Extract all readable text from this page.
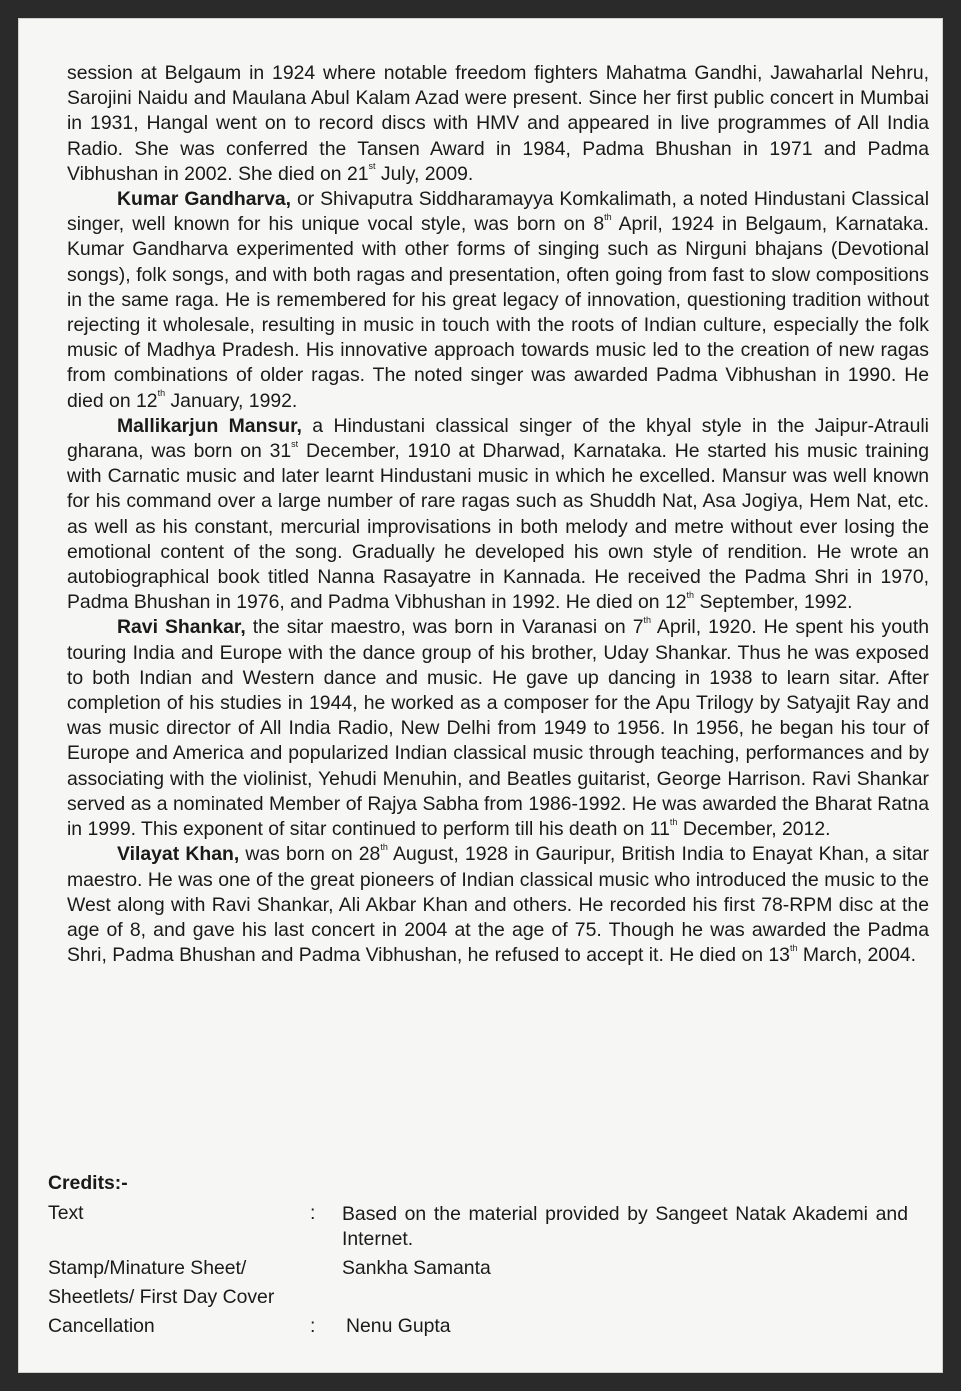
session at Belgaum in 1924 where notable freedom fighters Mahatma Gandhi, Jawaharlal Nehru, Sarojini Naidu and Maulana Abul Kalam Azad were present. Since her first public concert in Mumbai in 1931, Hangal went on to record discs with HMV and appeared in live programmes of All India Radio. She was conferred the Tansen Award in 1984, Padma Bhushan in 1971 and Padma Vibhushan in 2002. She died on 21st July, 2009.

Kumar Gandharva, or Shivaputra Siddharamayya Komkalimath, a noted Hindustani Classical singer, well known for his unique vocal style, was born on 8th April, 1924 in Belgaum, Karnataka. Kumar Gandharva experimented with other forms of singing such as Nirguni bhajans (Devotional songs), folk songs, and with both ragas and presentation, often going from fast to slow compositions in the same raga. He is remembered for his great legacy of innovation, questioning tradition without rejecting it wholesale, resulting in music in touch with the roots of Indian culture, especially the folk music of Madhya Pradesh. His innovative approach towards music led to the creation of new ragas from combinations of older ragas. The noted singer was awarded Padma Vibhushan in 1990. He died on 12th January, 1992.

Mallikarjun Mansur, a Hindustani classical singer of the khyal style in the Jaipur-Atrauli gharana, was born on 31st December, 1910 at Dharwad, Karnataka. He started his music training with Carnatic music and later learnt Hindustani music in which he excelled. Mansur was well known for his command over a large number of rare ragas such as Shuddh Nat, Asa Jogiya, Hem Nat, etc. as well as his constant, mercurial improvisations in both melody and metre without ever losing the emotional content of the song. Gradually he developed his own style of rendition. He wrote an autobiographical book titled Nanna Rasayatre in Kannada. He received the Padma Shri in 1970, Padma Bhushan in 1976, and Padma Vibhushan in 1992. He died on 12th September, 1992.

Ravi Shankar, the sitar maestro, was born in Varanasi on 7th April, 1920. He spent his youth touring India and Europe with the dance group of his brother, Uday Shankar. Thus he was exposed to both Indian and Western dance and music. He gave up dancing in 1938 to learn sitar. After completion of his studies in 1944, he worked as a composer for the Apu Trilogy by Satyajit Ray and was music director of All India Radio, New Delhi from 1949 to 1956. In 1956, he began his tour of Europe and America and popularized Indian classical music through teaching, performances and by associating with the violinist, Yehudi Menuhin, and Beatles guitarist, George Harrison. Ravi Shankar served as a nominated Member of Rajya Sabha from 1986-1992. He was awarded the Bharat Ratna in 1999. This exponent of sitar continued to perform till his death on 11th December, 2012.

Vilayat Khan, was born on 28th August, 1928 in Gauripur, British India to Enayat Khan, a sitar maestro. He was one of the great pioneers of Indian classical music who introduced the music to the West along with Ravi Shankar, Ali Akbar Khan and others. He recorded his first 78-RPM disc at the age of 8, and gave his last concert in 2004 at the age of 75. Though he was awarded the Padma Shri, Padma Bhushan and Padma Vibhushan, he refused to accept it. He died on 13th March, 2004.

Credits:-
Text	:	Based on the material provided by Sangeet Natak Akademi and Internet.
Stamp/Minature Sheet/	Sankha Samanta
Sheetlets/ First Day Cover
Cancellation	:	Nenu Gupta
